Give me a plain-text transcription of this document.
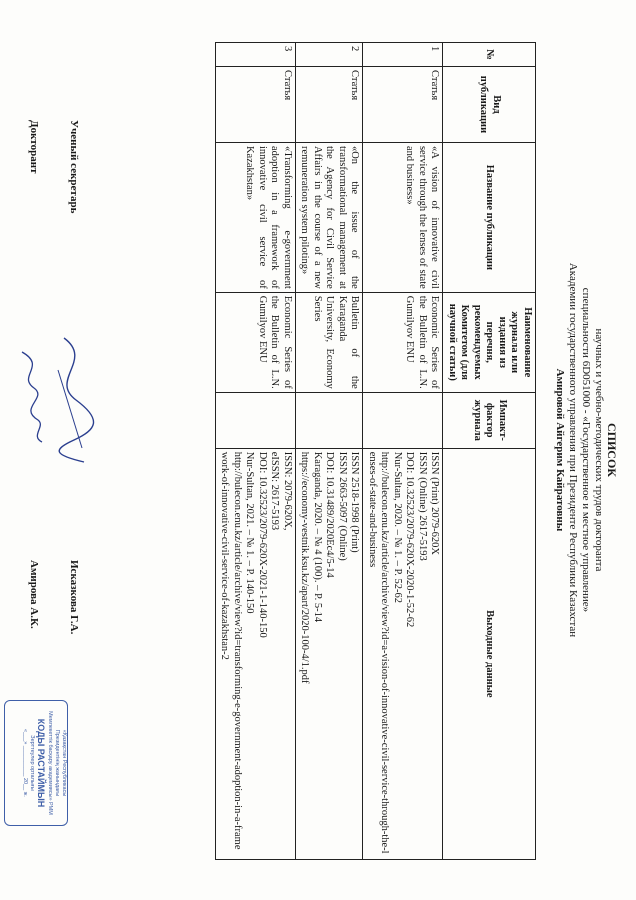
СПИСОК
научных и учебно-методических трудов докторанта
специальности 6D051000 - «Государственное и местное управление»
Академии государственного управления при Президенте Республики Казахстан
Амировой Айгерим Кайратовны
№	Вид публикации	Название публикации	Наименование журнала или издания из перечня, рекомендуемых Комитетом (для научной статьи)	Импакт-фактор журнала	Выходные данные
1	Статья	«A vision of innovative civil service through the lenses of state and business»	Economic Series of the Bulletin of L.N. Gumilyov ENU		ISSN (Print) 2079-620X
ISSN (Online) 2617-5193
DOI: 10.32523/2079-620X-2020-1-52-62
Nur-Sultan, 2020. – № 1. – P. 52-62
http://bulecon.enu.kz/article/archive/view?id=a-vision-of-innovative-civil-service-through-the-lenses-of-state-and-business

2	Статья	«On the issue of the transformational management at the Agency for Civil Service Affairs in the course of a new remuneration system piloting»	Bulletin of the Karaganda University, Economy Series		ISSN 2518-1998 (Print)
ISSN 2663-5097 (Online)
DOI: 10.31489/2020Ec4/5-14
Karaganda, 2020. – № 4 (100). – P. 5-14
https://economy-vestnik.ksu.kz/apart/2020-100-4/1.pdf

3	Статья	«Transforming e-government adoption in a framework of innovative civil service of Kazakhstan»	Economic Series of the Bulletin of L.N. Gumilyov ENU		ISSN: 2079-620X,
eISSN: 2617-5193
DOI: 10.32523/2079-620X-2021-1-140-150
Nur-Sultan, 2021. – № 1. – P. 140-150
http://bulecon.enu.kz/article/archive/view?id=transforming-e-government-adoption-in-a-framework-of-innovative-civil-service-of-kazakhstan-2
Ученый секретарь
Исказкова Г.А.
Докторант
Амирова А.К.
«Қазақстан Республикасы
Президентінің жанындағы
Мемлекеттік басқару академиясы» РММ
КОДЫ РАСТАЙМЫН
Зерттеулер орталығы
«___» __________ 20__ ж.
